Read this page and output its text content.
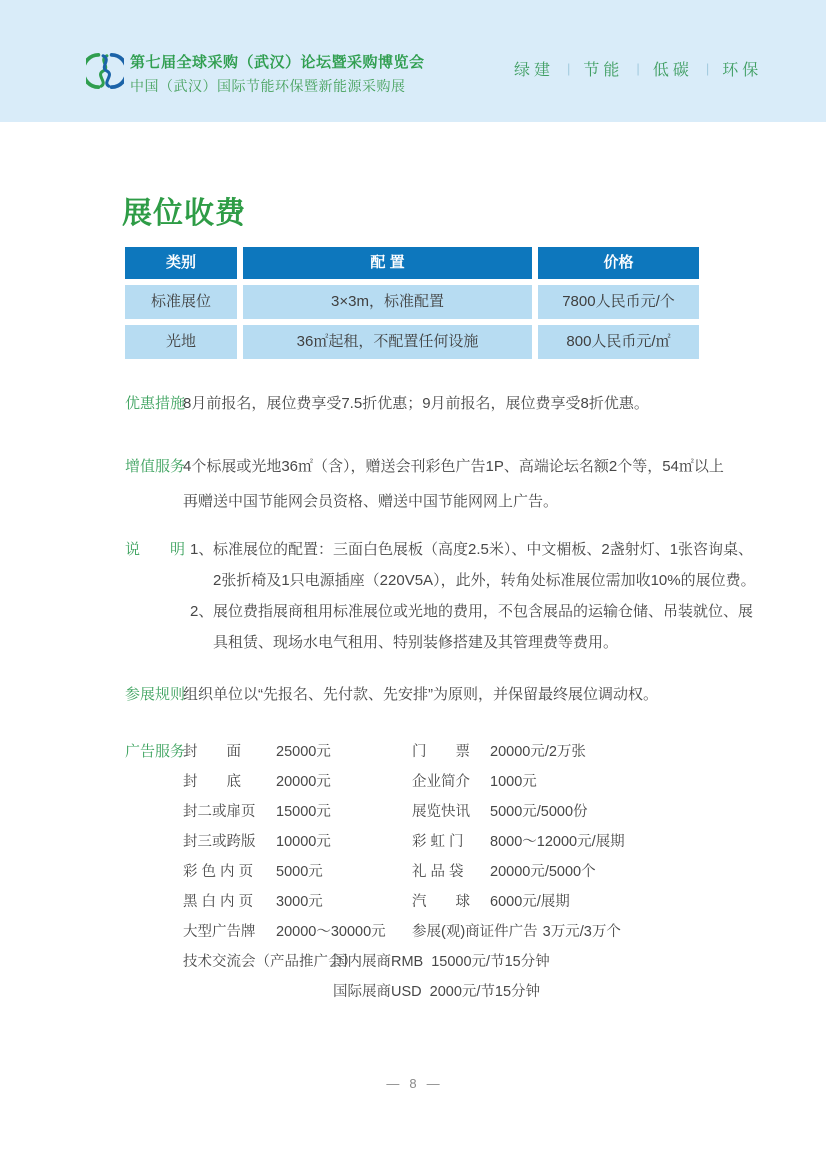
第七届全球采购（武汉）论坛暨采购博览会
中国（武汉）国际节能环保暨新能源采购展
绿建 | 节能 | 低碳 | 环保
展位收费
类别	配 置	价格
标准展位	3×3m，标准配置	7800人民币元/个
光地	36㎡起租，不配置任何设施	800人民币元/㎡
优惠措施
8月前报名，展位费享受7.5折优惠；9月前报名，展位费享受8折优惠。
增值服务
4个标展或光地36㎡（含），赠送会刊彩色广告1P、高端论坛名额2个等，54㎡以上
再赠送中国节能网会员资格、赠送中国节能网网上广告。
说　　明 1、 标准展位的配置：三面白色展板（高度2.5米）、中文楣板、2盏射灯、1张咨询桌、
2张折椅及1只电源插座（220V5A），此外，转角处标准展位需加收10%的展位费。
2、 展位费指展商租用标准展位或光地的费用，不包含展品的运输仓储、吊装就位、展
具租赁、现场水电气租用、特别装修搭建及其管理费等费用。
参展规则
组织单位以“先报名、先付款、先安排”为原则，并保留最终展位调动权。
广告服务
封　　面	25000元	门　　票	20000元/2万张
封　　底	20000元	企业简介	1000元
封二或扉页	15000元	展览快讯	5000元/5000份
封三或跨版	10000元	彩 虹 门	8000～12000元/展期
彩 色 内 页	5000元	礼 品 袋	20000元/5000个
黑 白 内 页	3000元	汽　　球	6000元/展期
大型广告牌	20000～30000元	参展(观)商证件广告 3万元/3万个
技术交流会（产品推广会）
国内展商RMB 15000元/节15分钟
国际展商USD 2000元/节15分钟
— 8 —
